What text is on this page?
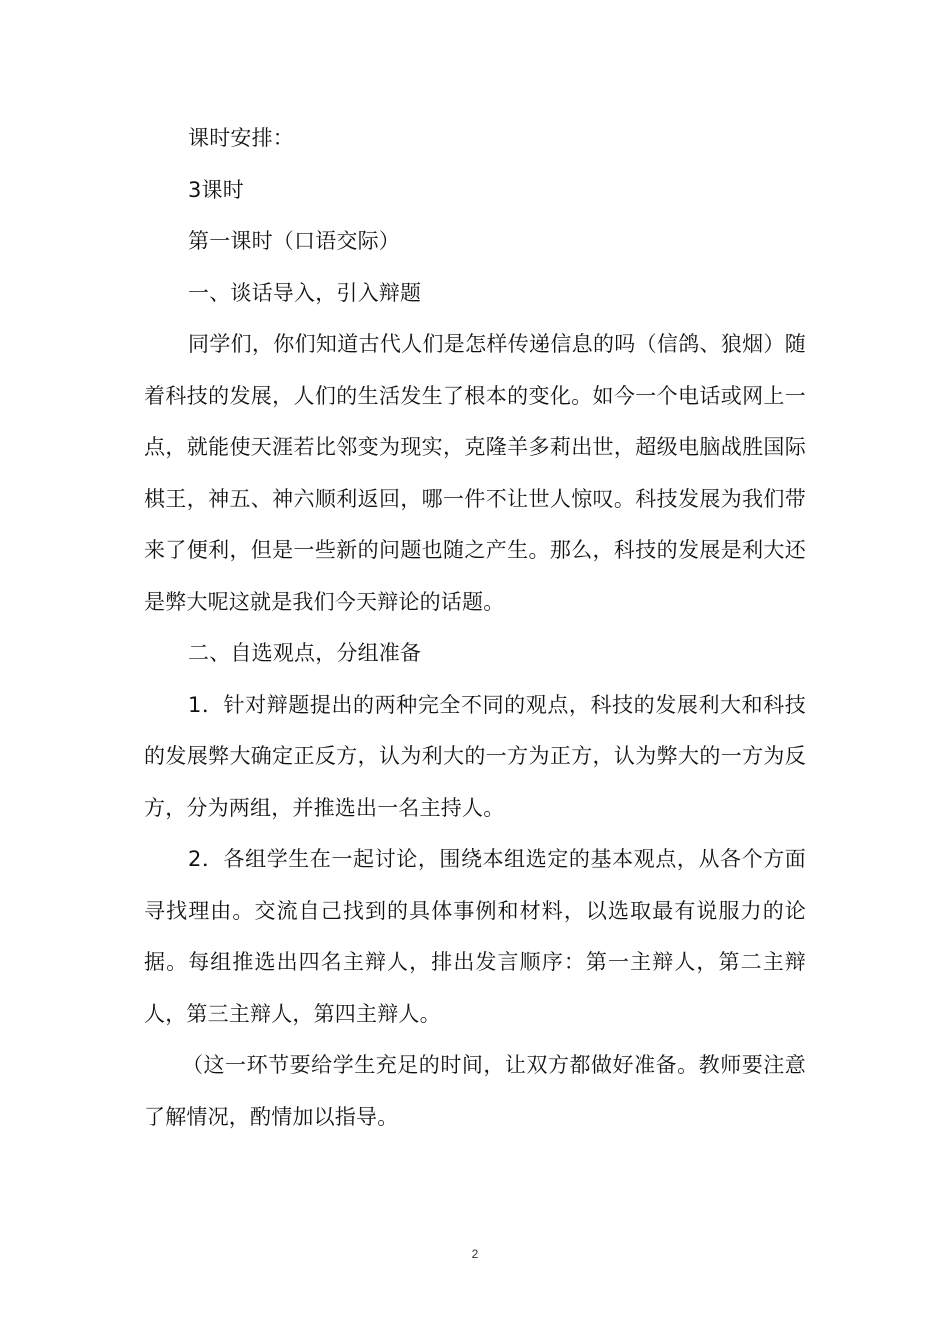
课时安排：

3课时

第一课时（口语交际）

一、谈话导入，引入辩题

同学们，你们知道古代人们是怎样传递信息的吗（信鸽、狼烟）随着科技的发展，人们的生活发生了根本的变化。如今一个电话或网上一点，就能使天涯若比邻变为现实，克隆羊多莉出世，超级电脑战胜国际棋王，神五、神六顺利返回，哪一件不让世人惊叹。科技发展为我们带来了便利，但是一些新的问题也随之产生。那么，科技的发展是利大还是弊大呢这就是我们今天辩论的话题。

二、自选观点，分组准备

1．针对辩题提出的两种完全不同的观点，科技的发展利大和科技的发展弊大确定正反方，认为利大的一方为正方，认为弊大的一方为反方，分为两组，并推选出一名主持人。

2．各组学生在一起讨论，围绕本组选定的基本观点，从各个方面寻找理由。交流自己找到的具体事例和材料，以选取最有说服力的论据。每组推选出四名主辩人，排出发言顺序：第一主辩人，第二主辩人，第三主辩人，第四主辩人。

（这一环节要给学生充足的时间，让双方都做好准备。教师要注意了解情况，酌情加以指导。

2
